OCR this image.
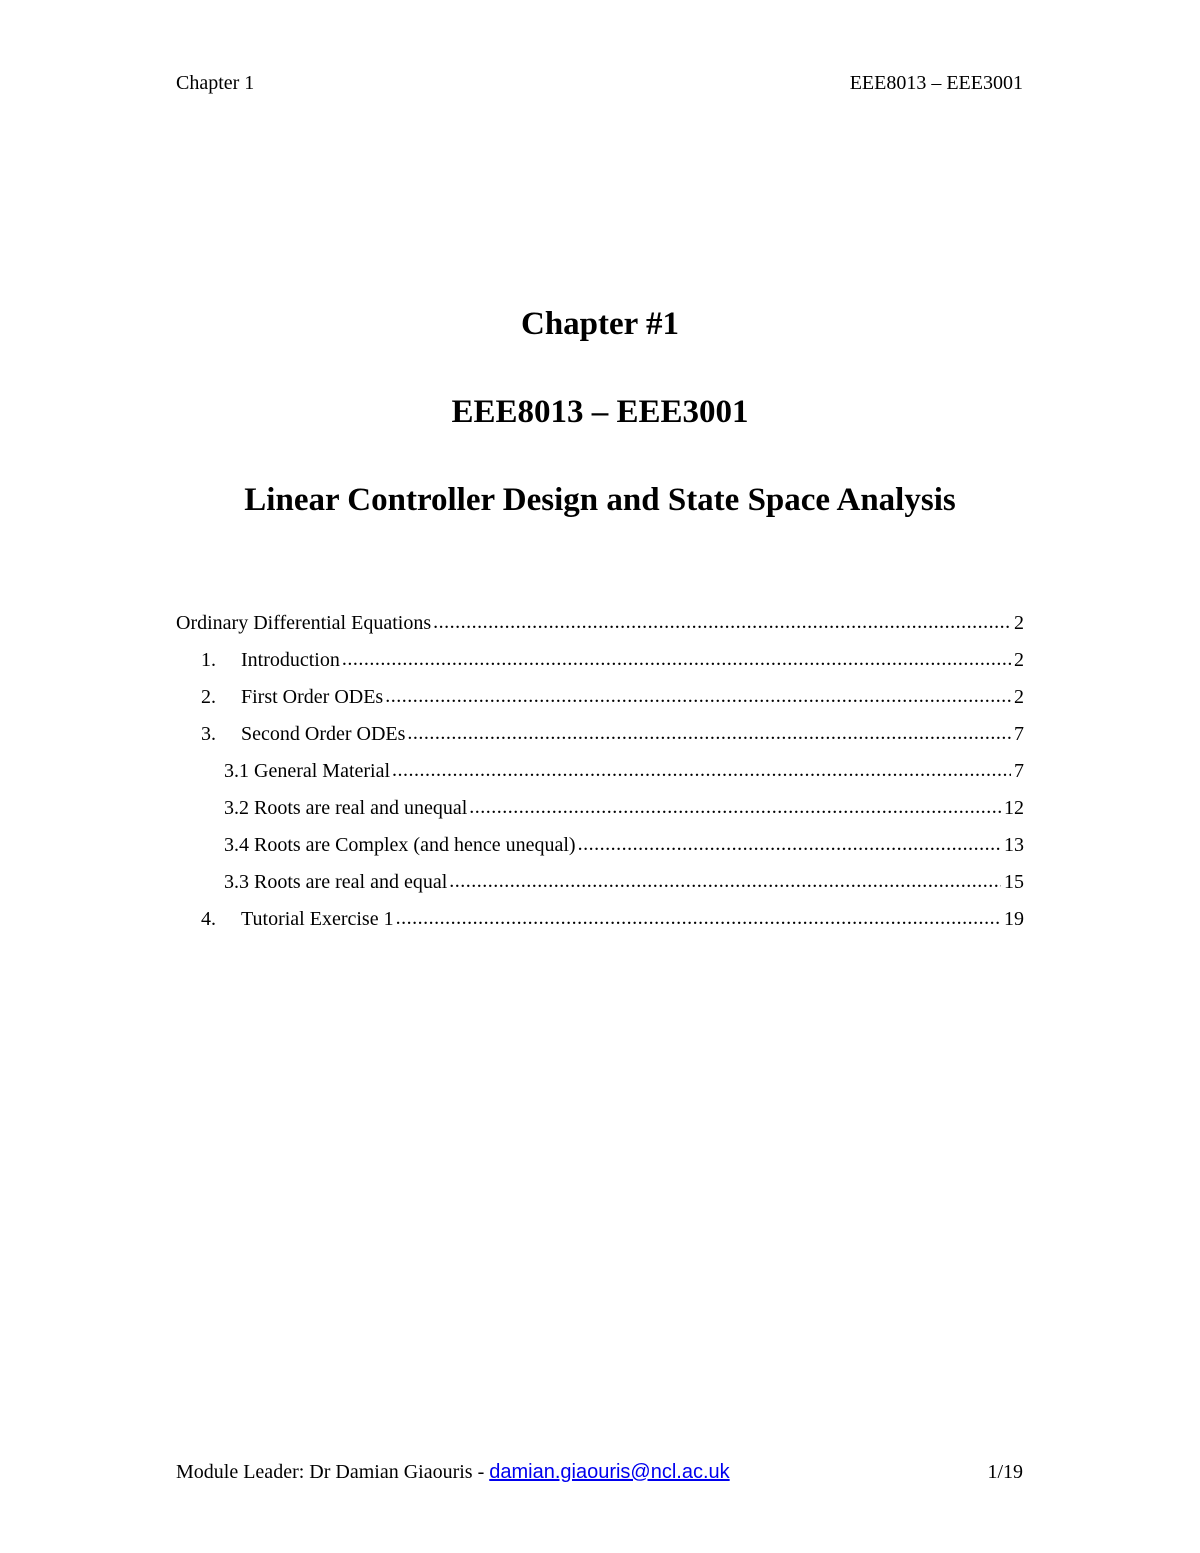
Chapter 1	EEE8013 – EEE3001
Chapter #1
EEE8013 – EEE3001
Linear Controller Design and State Space Analysis
Ordinary Differential Equations .....	2
1.	Introduction .....	2
2.	First Order ODEs .....	2
3.	Second Order ODEs .....	7
3.1 General Material .....	7
3.2 Roots are real and unequal .....	12
3.4 Roots are Complex (and hence unequal) .....	13
3.3 Roots are real and equal .....	15
4.	Tutorial Exercise 1 .....	19
Module Leader: Dr Damian Giaouris - damian.giaouris@ncl.ac.uk	1/19
